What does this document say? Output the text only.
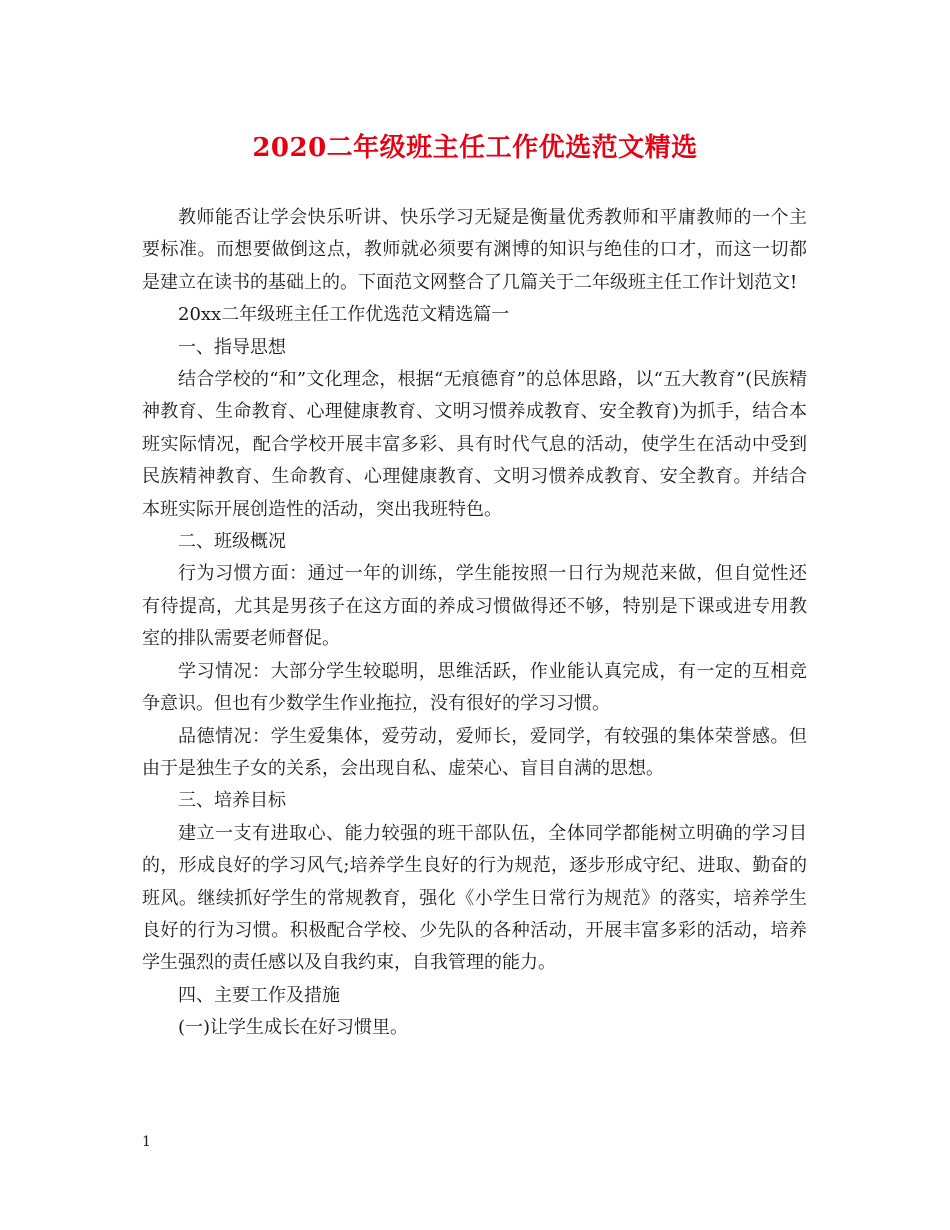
2020二年级班主任工作优选范文精选

教师能否让学会快乐听讲、快乐学习无疑是衡量优秀教师和平庸教师的一个主要标准。而想要做倒这点，教师就必须要有渊博的知识与绝佳的口才，而这一切都是建立在读书的基础上的。下面范文网整合了几篇关于二年级班主任工作计划范文!

20xx二年级班主任工作优选范文精选篇一

一、指导思想

结合学校的“和”文化理念，根据“无痕德育”的总体思路，以“五大教育”(民族精神教育、生命教育、心理健康教育、文明习惯养成教育、安全教育)为抓手，结合本班实际情况，配合学校开展丰富多彩、具有时代气息的活动，使学生在活动中受到民族精神教育、生命教育、心理健康教育、文明习惯养成教育、安全教育。并结合本班实际开展创造性的活动，突出我班特色。

二、班级概况

行为习惯方面：通过一年的训练，学生能按照一日行为规范来做，但自觉性还有待提高，尤其是男孩子在这方面的养成习惯做得还不够，特别是下课或进专用教室的排队需要老师督促。

学习情况：大部分学生较聪明，思维活跃，作业能认真完成，有一定的互相竞争意识。但也有少数学生作业拖拉，没有很好的学习习惯。

品德情况：学生爱集体，爱劳动，爱师长，爱同学，有较强的集体荣誉感。但由于是独生子女的关系，会出现自私、虚荣心、盲目自满的思想。

三、培养目标

建立一支有进取心、能力较强的班干部队伍，全体同学都能树立明确的学习目的，形成良好的学习风气;培养学生良好的行为规范，逐步形成守纪、进取、勤奋的班风。继续抓好学生的常规教育，强化《小学生日常行为规范》的落实，培养学生良好的行为习惯。积极配合学校、少先队的各种活动，开展丰富多彩的活动，培养学生强烈的责任感以及自我约束，自我管理的能力。

四、主要工作及措施

(一)让学生成长在好习惯里。

1
